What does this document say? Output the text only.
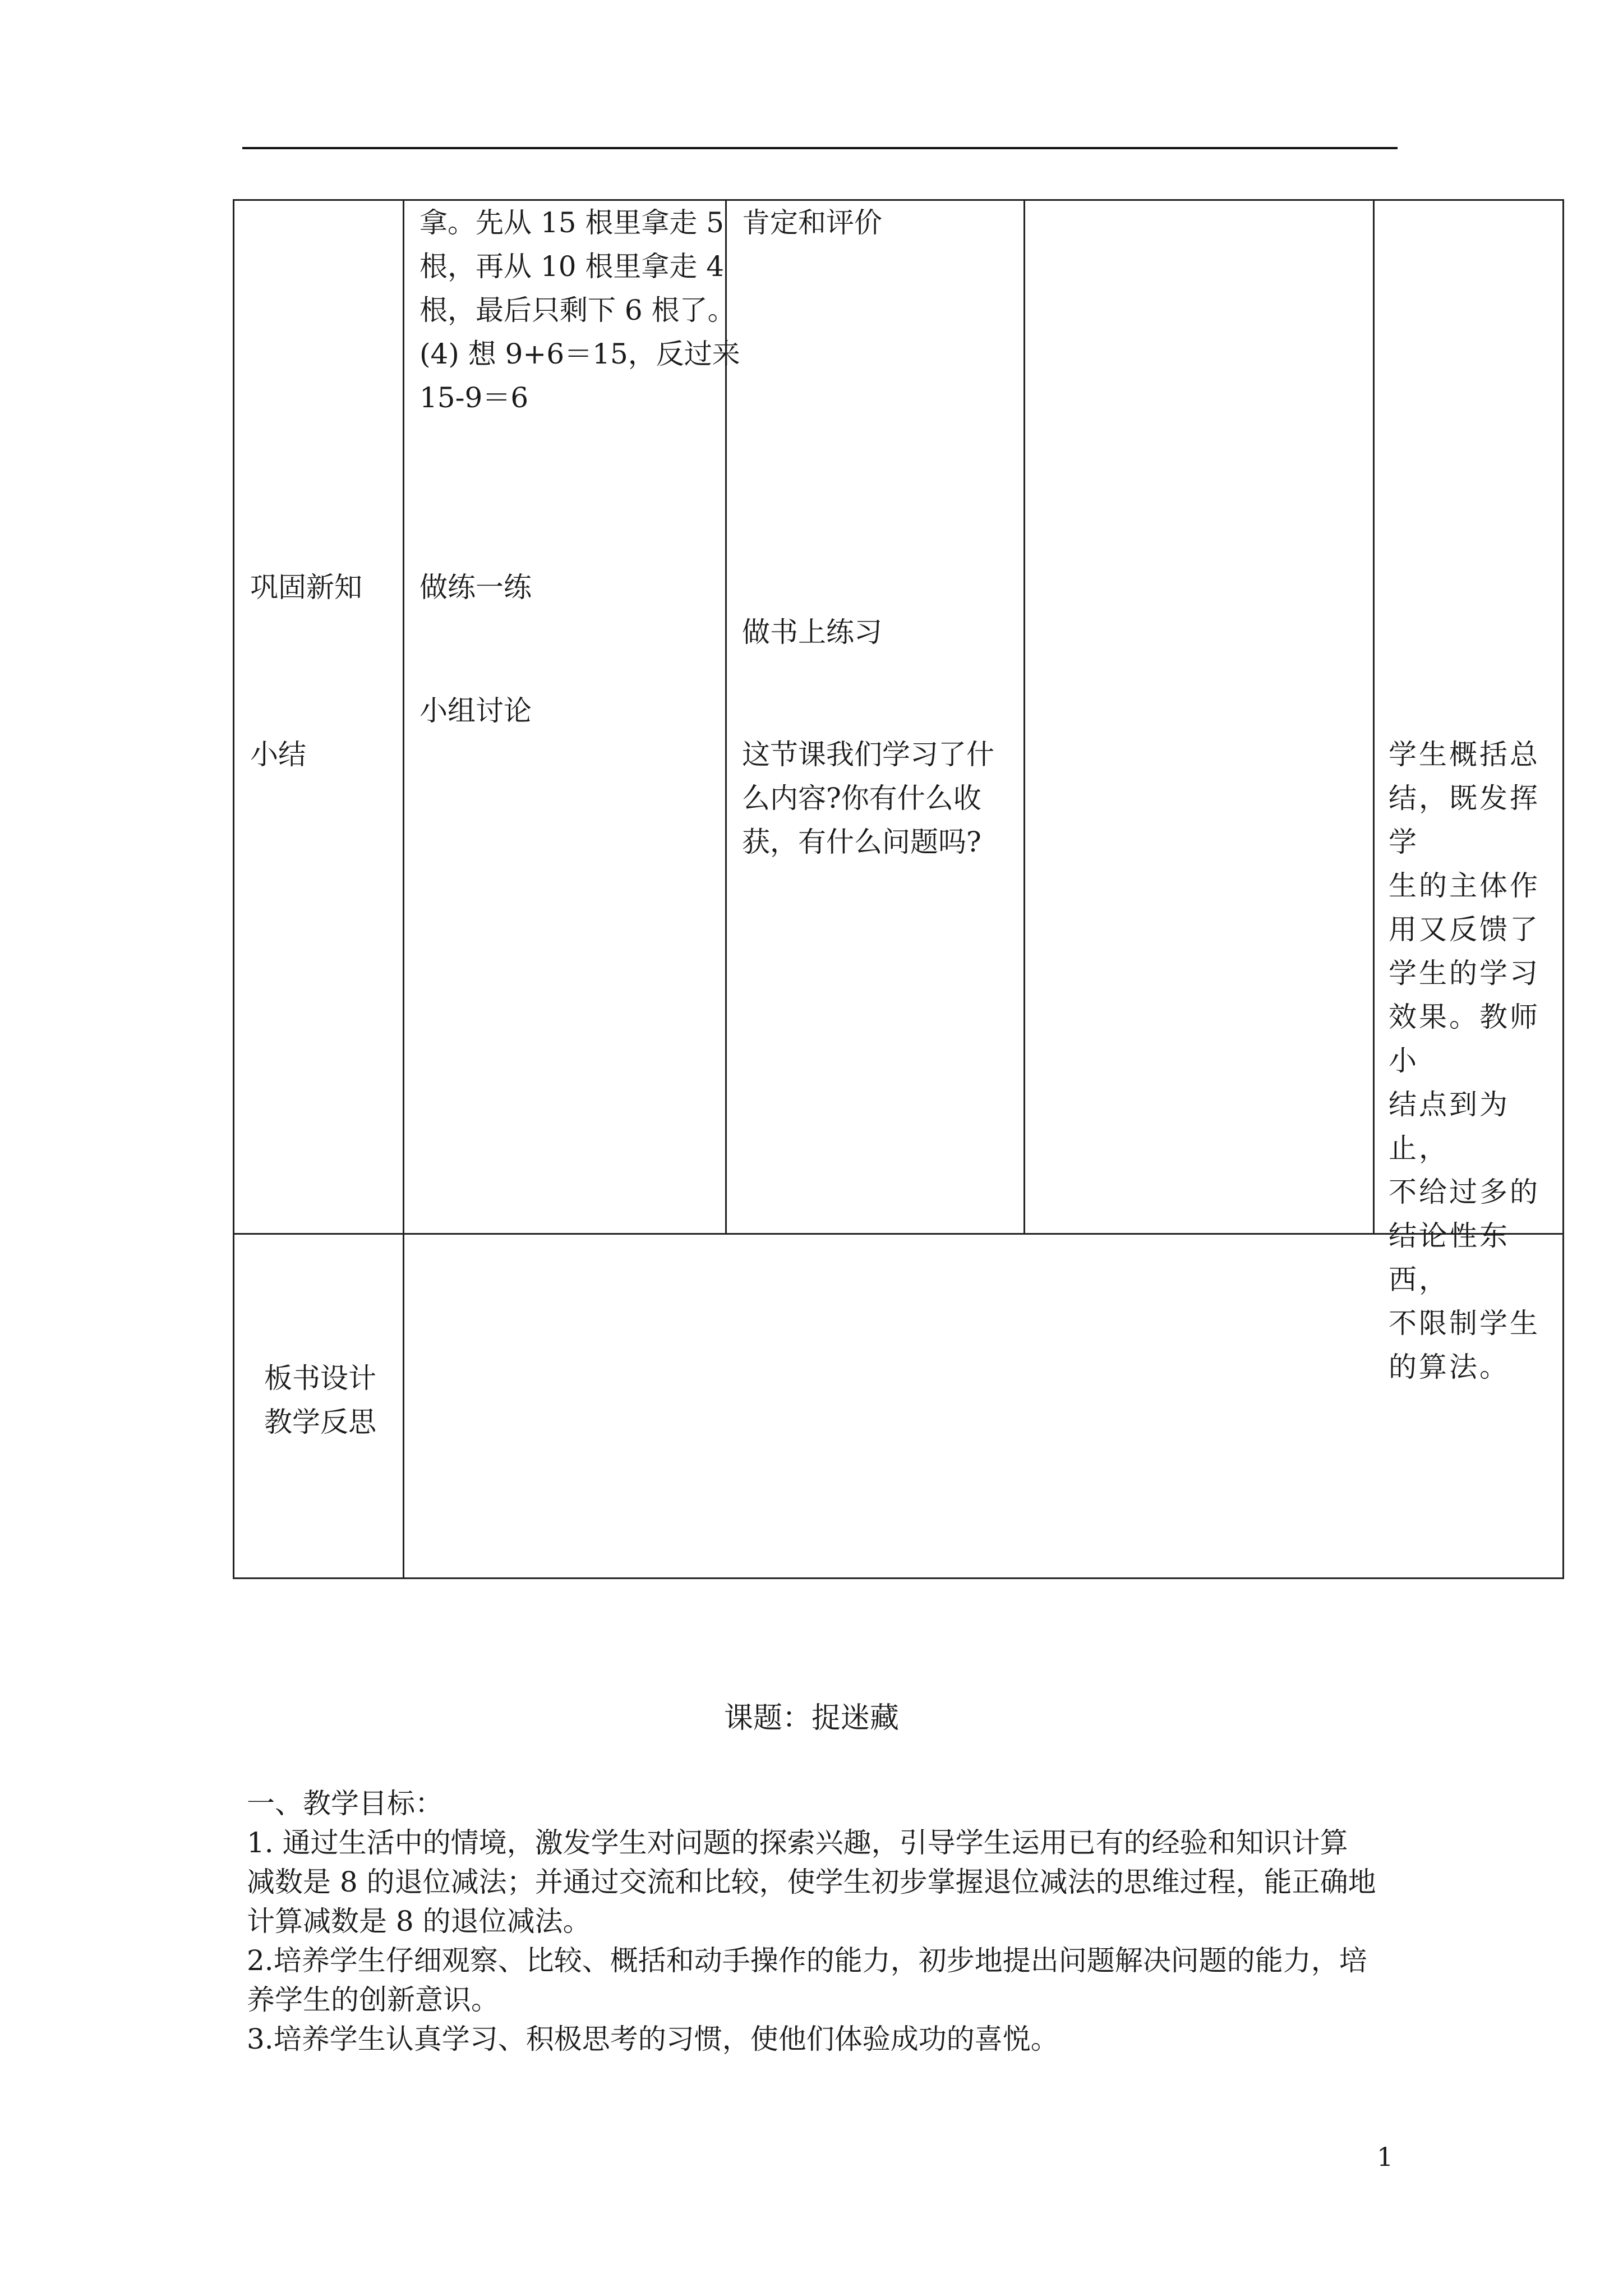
拿。先从 15 根里拿走 5
根，再从 10 根里拿走 4
根，最后只剩下 6 根了。
(4) 想 9+6＝15，反过来
15-9＝6
肯定和评价
巩固新知 做练一练
做书上练习
小结
小组讨论
这节课我们学习了什
么内容?你有什么收
获，有什么问题吗?
学生概括总
结，既发挥学
生的主体作
用又反馈了
学生的学习
效果。教师小
结点到为止，
不给过多的
结论性东西，
不限制学生
的算法。
板书设计
教学反思
课题：捉迷藏
一、教学目标：
1. 通过生活中的情境，激发学生对问题的探索兴趣，引导学生运用已有的经验和知识计算
减数是 8 的退位减法；并通过交流和比较，使学生初步掌握退位减法的思维过程，能正确地
计算减数是 8 的退位减法。
2.培养学生仔细观察、比较、概括和动手操作的能力，初步地提出问题解决问题的能力，培
养学生的创新意识。
3.培养学生认真学习、积极思考的习惯，使他们体验成功的喜悦。
1
